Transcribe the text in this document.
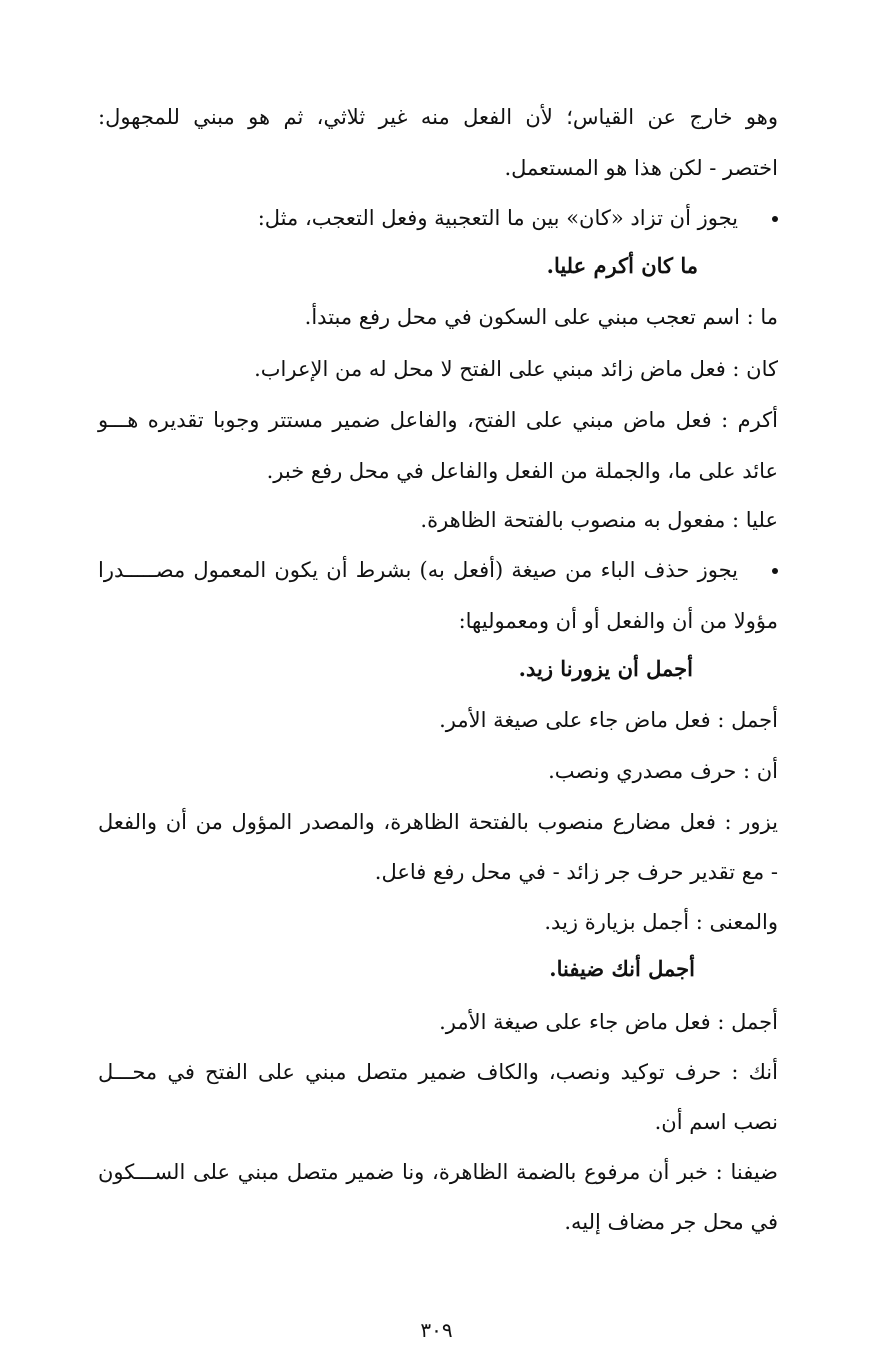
وهو خارج عن القياس؛ لأن الفعل منه غير ثلاثي، ثم هو مبني للمجهول:
اختصر - لكن هذا هو المستعمل.
يجوز أن تزاد «كان» بين ما التعجبية وفعل التعجب، مثل:
ما كان أكرم عليا.
ما : اسم تعجب مبني على السكون في محل رفع مبتدأ.
كان : فعل ماض زائد مبني على الفتح لا محل له من الإعراب.
أكرم : فعل ماض مبني على الفتح، والفاعل ضمير مستتر وجوبا تقديره هـــو
عائد على ما، والجملة من الفعل والفاعل في محل رفع خبر.
عليا : مفعول به منصوب بالفتحة الظاهرة.
يجوز حذف الباء من صيغة (أفعل به) بشرط أن يكون المعمول مصـــــدرا
مؤولا من أن والفعل أو أن ومعموليها:
أجمل أن يزورنا زيد.
أجمل : فعل ماض جاء على صيغة الأمر.
أن : حرف مصدري ونصب.
يزور : فعل مضارع منصوب بالفتحة الظاهرة، والمصدر المؤول من أن والفعل
- مع تقدير حرف جر زائد - في محل رفع فاعل.
والمعنى : أجمل بزيارة زيد.
أجمل أنك ضيفنا.
أجمل : فعل ماض جاء على صيغة الأمر.
أنك : حرف توكيد ونصب، والكاف ضمير متصل مبني على الفتح في محـــل
نصب اسم أن.
ضيفنا : خبر أن مرفوع بالضمة الظاهرة، ونا ضمير متصل مبني على الســـكون
في محل جر مضاف إليه.
٣٠٩
